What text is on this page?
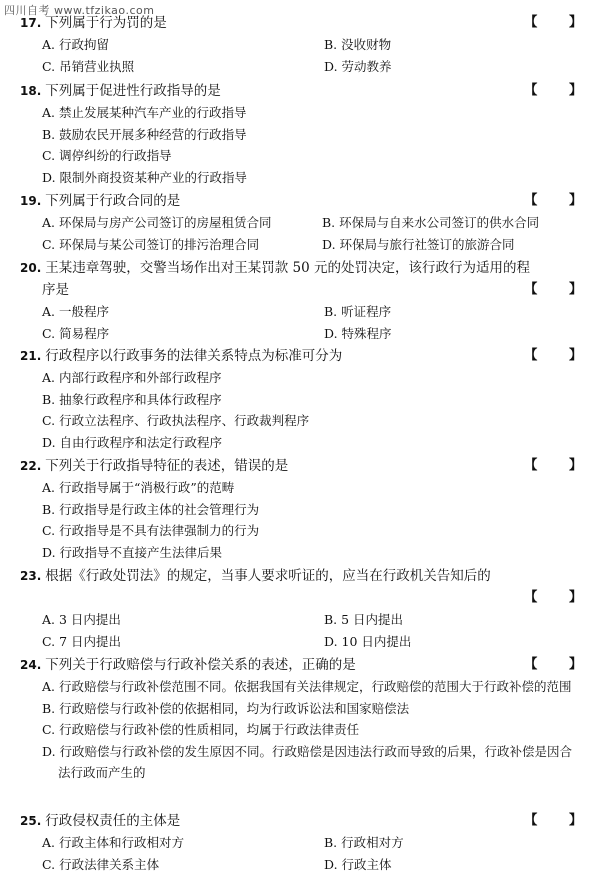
四川自考 www.tfzikao.com
17. 下列属于行为罚的是	【       】
A. 行政拘留	B. 没收财物
C. 吊销营业执照	D. 劳动教养
18. 下列属于促进性行政指导的是	【       】
A. 禁止发展某种汽车产业的行政指导
B. 鼓励农民开展多种经营的行政指导
C. 调停纠纷的行政指导
D. 限制外商投资某种产业的行政指导
19. 下列属于行政合同的是	【       】
A. 环保局与房产公司签订的房屋租赁合同	B. 环保局与自来水公司签订的供水合同
C. 环保局与某公司签订的排污治理合同	D. 环保局与旅行社签订的旅游合同
20. 王某违章驾驶，交警当场作出对王某罚款 50 元的处罚决定，该行政行为适用的程
序是	【       】
A. 一般程序	B. 听证程序
C. 简易程序	D. 特殊程序
21. 行政程序以行政事务的法律关系特点为标准可分为	【       】
A. 内部行政程序和外部行政程序
B. 抽象行政程序和具体行政程序
C. 行政立法程序、行政执法程序、行政裁判程序
D. 自由行政程序和法定行政程序
22. 下列关于行政指导特征的表述，错误的是	【       】
A. 行政指导属于“消极行政”的范畴
B. 行政指导是行政主体的社会管理行为
C. 行政指导是不具有法律强制力的行为
D. 行政指导不直接产生法律后果
23. 根据《行政处罚法》的规定，当事人要求听证的，应当在行政机关告知后的
【       】
A. 3 日内提出	B. 5 日内提出
C. 7 日内提出	D. 10 日内提出
24. 下列关于行政赔偿与行政补偿关系的表述，正确的是	【       】
A. 行政赔偿与行政补偿范围不同。依据我国有关法律规定，行政赔偿的范围大于行政补偿的范围
B. 行政赔偿与行政补偿的依据相同，均为行政诉讼法和国家赔偿法
C. 行政赔偿与行政补偿的性质相同，均属于行政法律责任
D. 行政赔偿与行政补偿的发生原因不同。行政赔偿是因违法行政而导致的后果，行政补偿是因合法行政而产生的
25. 行政侵权责任的主体是	【       】
A. 行政主体和行政相对方	B. 行政相对方
C. 行政法律关系主体	D. 行政主体
